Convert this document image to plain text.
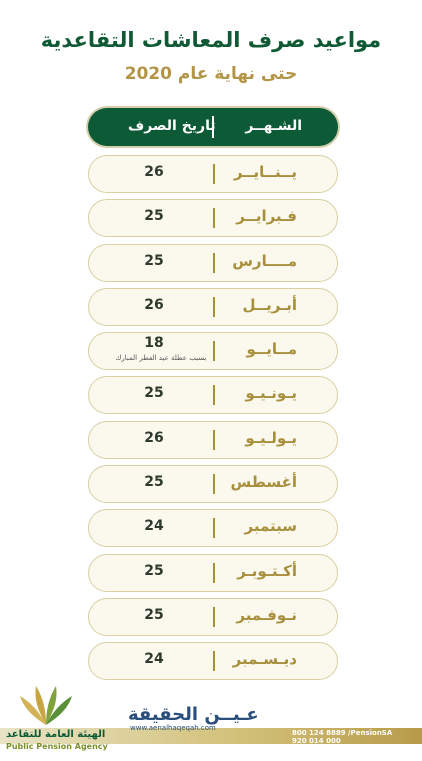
مواعيد صرف المعاشات التقاعدية
حتى نهاية عام 2020
الشـهــر
تاريخ الصرف
يــنــايــر
26
فـبرايــر
25
مــــارس
25
أبـريــل
26
مــايــو
18
بسبب عطلة عيد الفطر المبارك
يـونـيـو
25
يـولـيـو
26
أغسطس
25
سبتمبر
24
أكـتـوبـر
25
نـوفـمبر
25
ديـسـمبر
24
عـيــن الحقيقة
www.aenalhaqeqah.com
الهيئة العامة للتقاعد
Public Pension Agency
800 124 8889 /PensionSA
920 014 000 www.pension.gov.sa
